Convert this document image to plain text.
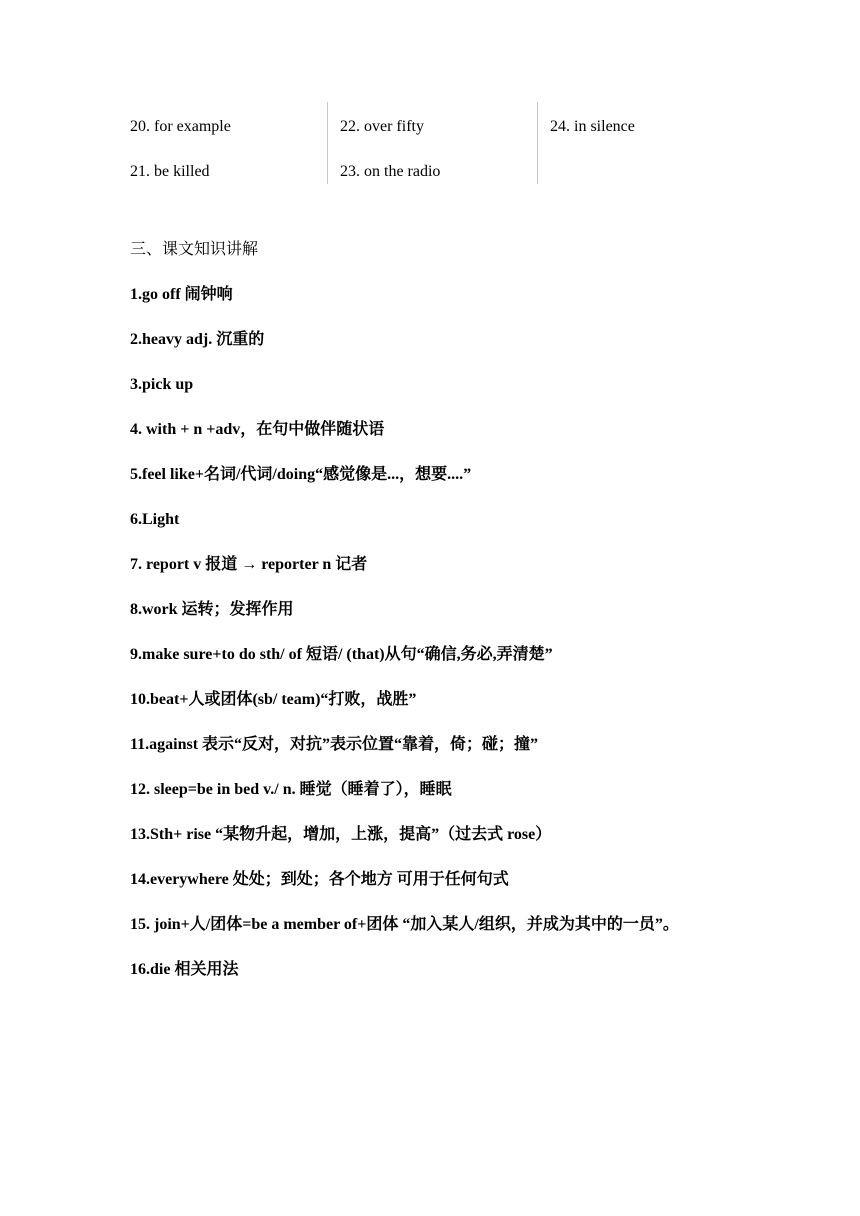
20. for example
21. be killed
22. over fifty
23. on the radio
24. in silence
三、课文知识讲解
1.go off 闹钟响
2.heavy adj. 沉重的
3.pick up
4. with + n +adv，在句中做伴随状语
5.feel like+名词/代词/doing“感觉像是...，想要....”
6.Light
7. report v 报道 → reporter n 记者
8.work 运转；发挥作用
9.make sure+to do sth/ of 短语/ (that)从句“确信,务必,弄清楚”
10.beat+人或团体(sb/ team)“打败，战胜”
11.against 表示“反对，对抗”表示位置“靠着，倚；碰；撞”
12. sleep=be in bed v./ n. 睡觉（睡着了），睡眠
13.Sth+ rise “某物升起，增加，上涨，提高”（过去式 rose）
14.everywhere 处处；到处；各个地方 可用于任何句式
15. join+人/团体=be a member of+团体 “加入某人/组织，并成为其中的一员”。
16.die 相关用法
